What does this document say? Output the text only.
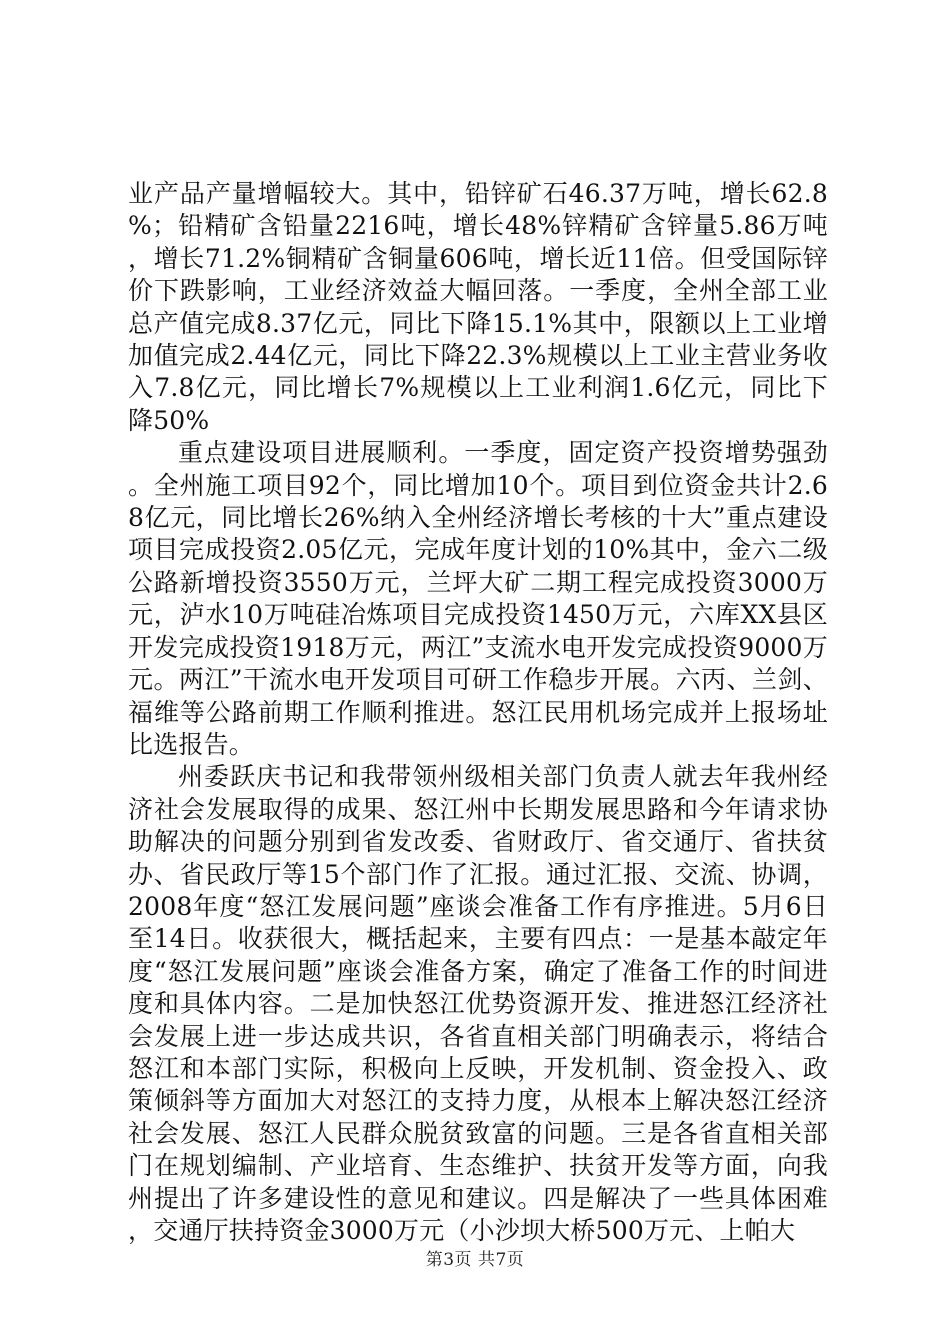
业产品产量增幅较大。其中，铅锌矿石46.37万吨，增长62.8%；铅精矿含铅量2216吨，增长48%锌精矿含锌量5.86万吨，增长71.2%铜精矿含铜量606吨，增长近11倍。但受国际锌价下跌影响，工业经济效益大幅回落。一季度，全州全部工业总产值完成8.37亿元，同比下降15.1%其中，限额以上工业增加值完成2.44亿元，同比下降22.3%规模以上工业主营业务收入7.8亿元，同比增长7%规模以上工业利润1.6亿元，同比下降50%

重点建设项目进展顺利。一季度，固定资产投资增势强劲。全州施工项目92个，同比增加10个。项目到位资金共计2.68亿元，同比增长26%纳入全州经济增长考核的十大”重点建设项目完成投资2.05亿元，完成年度计划的10%其中，金六二级公路新增投资3550万元，兰坪大矿二期工程完成投资3000万元，泸水10万吨硅冶炼项目完成投资1450万元，六库XX县区开发完成投资1918万元，两江”支流水电开发完成投资9000万元。两江”干流水电开发项目可研工作稳步开展。六丙、兰剑、福维等公路前期工作顺利推进。怒江民用机场完成并上报场址比选报告。

州委跃庆书记和我带领州级相关部门负责人就去年我州经济社会发展取得的成果、怒江州中长期发展思路和今年请求协助解决的问题分别到省发改委、省财政厅、省交通厅、省扶贫办、省民政厅等15个部门作了汇报。通过汇报、交流、协调，2008年度“怒江发展问题”座谈会准备工作有序推进。5月6日至14日。收获很大，概括起来，主要有四点：一是基本敲定年度“怒江发展问题”座谈会准备方案，确定了准备工作的时间进度和具体内容。二是加快怒江优势资源开发、推进怒江经济社会发展上进一步达成共识，各省直相关部门明确表示，将结合怒江和本部门实际，积极向上反映，开发机制、资金投入、政策倾斜等方面加大对怒江的支持力度，从根本上解决怒江经济社会发展、怒江人民群众脱贫致富的问题。三是各省直相关部门在规划编制、产业培育、生态维护、扶贫开发等方面，向我州提出了许多建设性的意见和建议。四是解决了一些具体困难，交通厅扶持资金3000万元（小沙坝大桥500万元、上帕大

第3页 共7页
